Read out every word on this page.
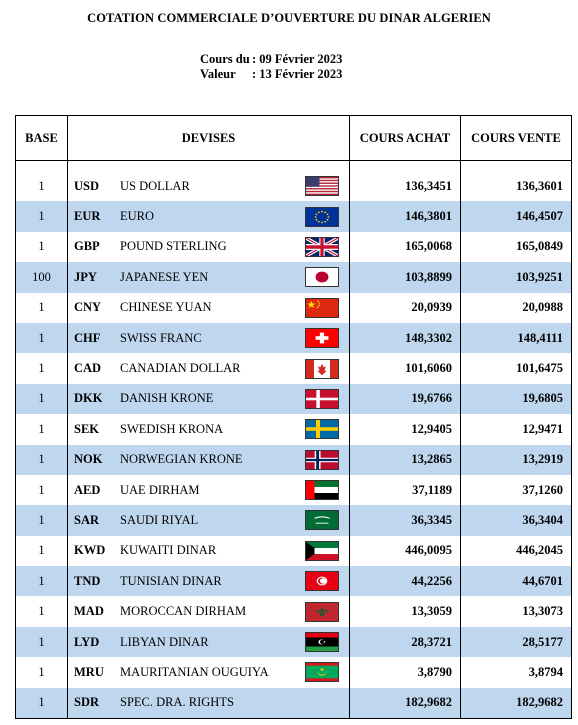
COTATION COMMERCIALE D’OUVERTURE DU DINAR ALGERIEN
Cours du : 09 Février 2023
Valeur	: 13 Février 2023
BASE	DEVISES	COURS ACHAT	COURS VENTE

1	USD US DOLLAR	136,3451	136,3601
1	EUR EURO	146,3801	146,4507
1	GBP POUND STERLING	165,0068	165,0849
100	JPY JAPANESE YEN	103,8899	103,9251
1	CNY CHINESE YUAN	20,0939	20,0988
1	CHF SWISS FRANC	148,3302	148,4111
1	CAD CANADIAN DOLLAR	101,6060	101,6475
1	DKK DANISH KRONE	19,6766	19,6805
1	SEK SWEDISH KRONA	12,9405	12,9471
1	NOK NORWEGIAN KRONE	13,2865	13,2919
1	AED UAE DIRHAM	37,1189	37,1260
1	SAR SAUDI RIYAL	36,3345	36,3404
1	KWD KUWAITI DINAR	446,0095	446,2045
1	TND TUNISIAN DINAR	44,2256	44,6701
1	MAD MOROCCAN DIRHAM	13,3059	13,3073
1	LYD LIBYAN DINAR	28,3721	28,5177
1	MRU MAURITANIAN OUGUIYA	3,8790	3,8794
1	SDR SPEC. DRA. RIGHTS	182,9682	182,9682
